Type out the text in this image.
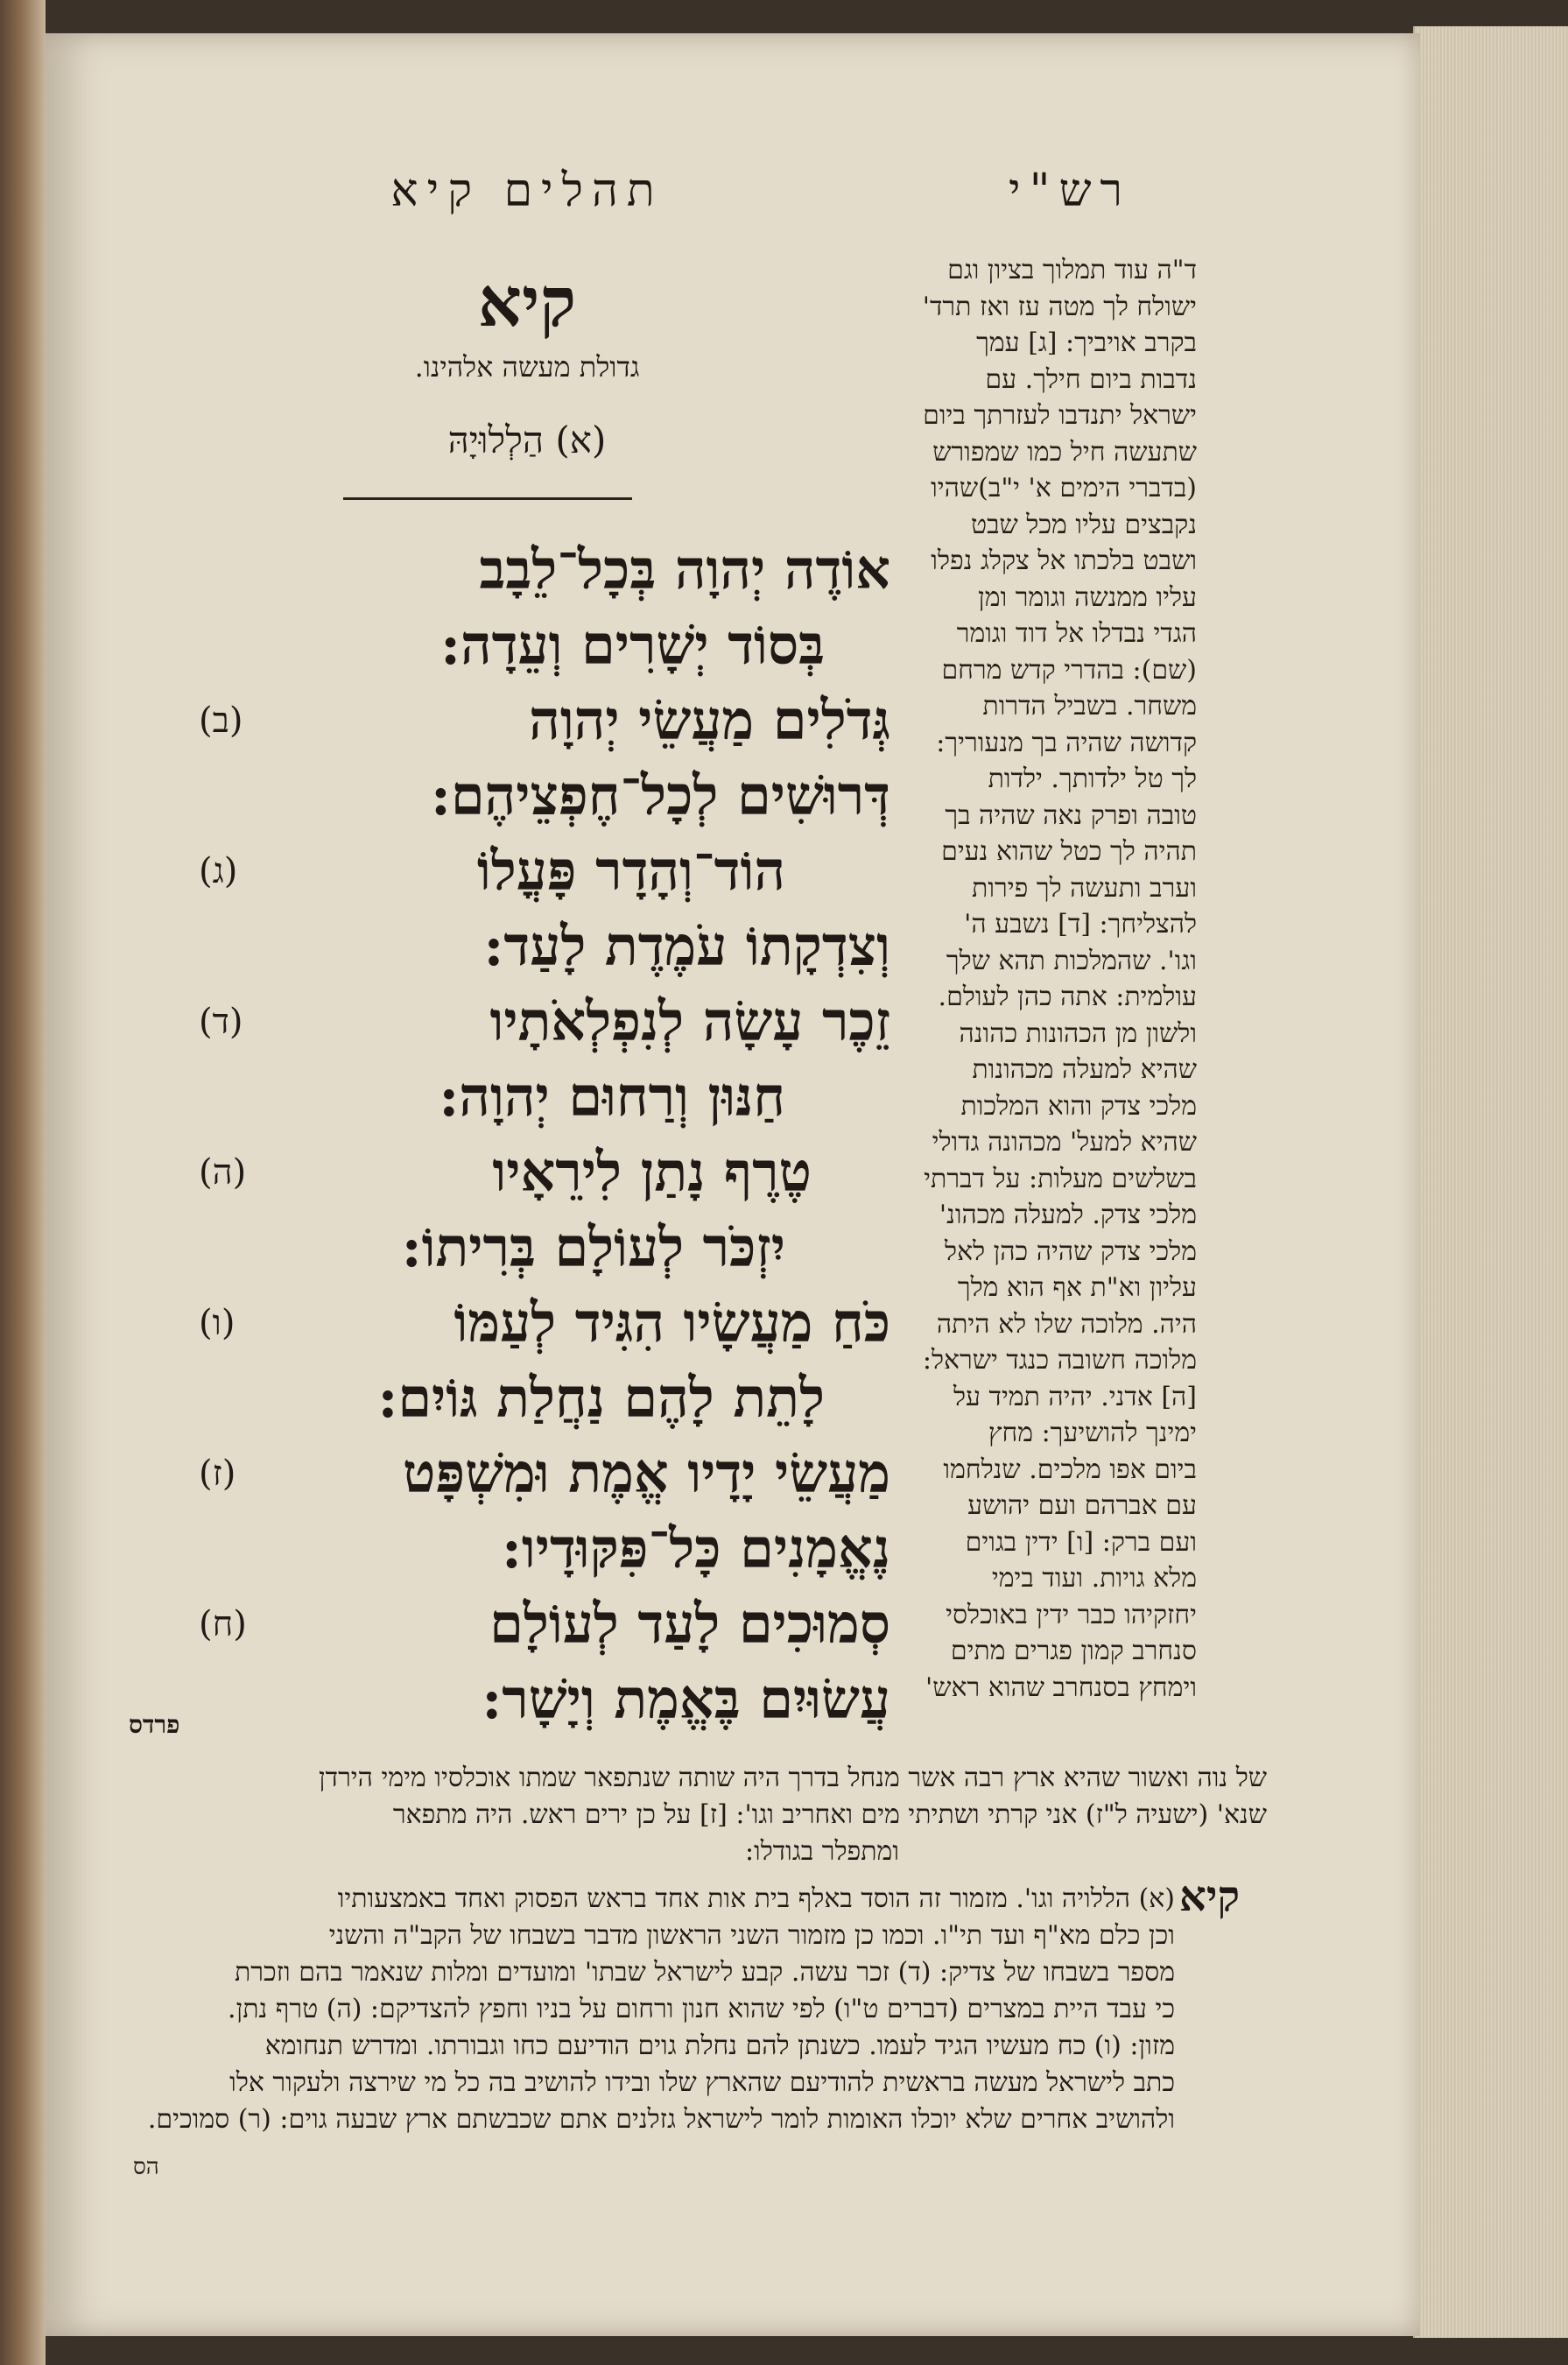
תהלים קיא	רש"י
קיא
גדולת מעשה אלהינו.
(א) הַלְלוּיָהּ
אוֹדֶה יְהוָה בְּכָל־לֵבָב
בְּסוֹד יְשָׁרִים וְעֵדָה:
(ב)	גְּדֹלִים מַעֲשֵׂי יְהוָה
דְּרוּשִׁים לְכָל־חֶפְצֵיהֶם:
(ג)	הוֹד־וְהָדָר פָּעֳלוֹ
וְצִדְקָתוֹ עֹמֶדֶת לָעַד:
(ד)	זֵכֶר עָשָׂה לְנִפְלְאֹתָיו
חַנּוּן וְרַחוּם יְהוָה:
(ה)	טֶרֶף נָתַן לִירֵאָיו
יִזְכֹּר לְעוֹלָם בְּרִיתוֹ:
(ו)	כֹּחַ מַעֲשָׂיו הִגִּיד לְעַמּוֹ
לָתֵת לָהֶם נַחֲלַת גּוֹיִם:
(ז)	מַעֲשֵׂי יָדָיו אֱמֶת וּמִשְׁפָּט
נֶאֱמָנִים כָּל־פִּקּוּדָיו:
(ח)	סְמוּכִים לָעַד לְעוֹלָם
עֲשׂוּיִם בֶּאֱמֶת וְיָשָׁר:
ד"ה עוד תמלוך בציון וגם
ישולח לך מטה עז ואז תרד'
בקרב אויביך: [ג] עמך
נדבות ביום חילך. עם
ישראל יתנדבו לעזרתך ביום
שתעשה חיל כמו שמפורש
(בדברי הימים א' י"ב)שהיו
נקבצים עליו מכל שבט
ושבט בלכתו אל צקלג נפלו
עליו ממנשה וגומר ומן
הגדי נבדלו אל דוד וגומר
(שם): בהדרי קדש מרחם
משחר. בשביל הדרות
קדושה שהיה בך מנעוריך:
לך טל ילדותך. ילדות
טובה ופרק נאה שהיה בך
תהיה לך כטל שהוא נעים
וערב ותעשה לך פירות
להצליחך: [ד] נשבע ה'
וגו'. שהמלכות תהא שלך
עולמית: אתה כהן לעולם.
ולשון מן הכהונות כהונה
שהיא למעלה מכהונות
מלכי צדק והוא המלכות
שהיא למעל' מכהונה גדולי
בשלשים מעלות: על דברתי
מלכי צדק. למעלה מכהונ'
מלכי צדק שהיה כהן לאל
עליון וא"ת אף הוא מלך
היה. מלוכה שלו לא היתה
מלוכה חשובה כנגד ישראל:
[ה] אדני. יהיה תמיד על
ימינך להושיעך: מחץ
ביום אפו מלכים. שנלחמו
עם אברהם ועם יהושע
ועם ברק: [ו] ידין בגוים
מלא גויות. ועוד בימי
יחזקיהו כבר ידין באוכלסי
סנחרב קמון פגרים מתים
וימחץ בסנחרב שהוא ראש'
פרדס
של נוה ואשור שהיא ארץ רבה אשר מנחל בדרך היה שותה שנתפאר שמתו אוכלסיו מימי הירדן
שנא' (ישעיה ל"ז) אני קרתי ושתיתי מים ואחריב וגו': [ז] על כן ירים ראש. היה מתפאר
ומתפלר בגודלו:
קיא
(א) הללויה וגו'. מזמור זה הוסד באלף בית אות אחד בראש הפסוק ואחד באמצעותיו
וכן כלם מא"ף ועד תי"ו. וכמו כן מזמור השני הראשון מדבר בשבחו של הקב"ה והשני
מספר בשבחו של צדיק: (ד) זכר עשה. קבע לישראל שבתו' ומועדים ומלות שנאמר בהם וזכרת
כי עבד היית במצרים (דברים ט"ו) לפי שהוא חנון ורחום על בניו וחפץ להצדיקם: (ה) טרף נתן.
מזון: (ו) כח מעשיו הגיד לעמו. כשנתן להם נחלת גוים הודיעם כחו וגבורתו. ומדרש תנחומא
כתב לישראל מעשה בראשית להודיעם שהארץ שלו ובידו להושיב בה כל מי שירצה ולעקור אלו
ולהושיב אחרים שלא יוכלו האומות לומר לישראל גזלנים אתם שכבשתם ארץ שבעה גוים: (ר) סמוכים.
הס
